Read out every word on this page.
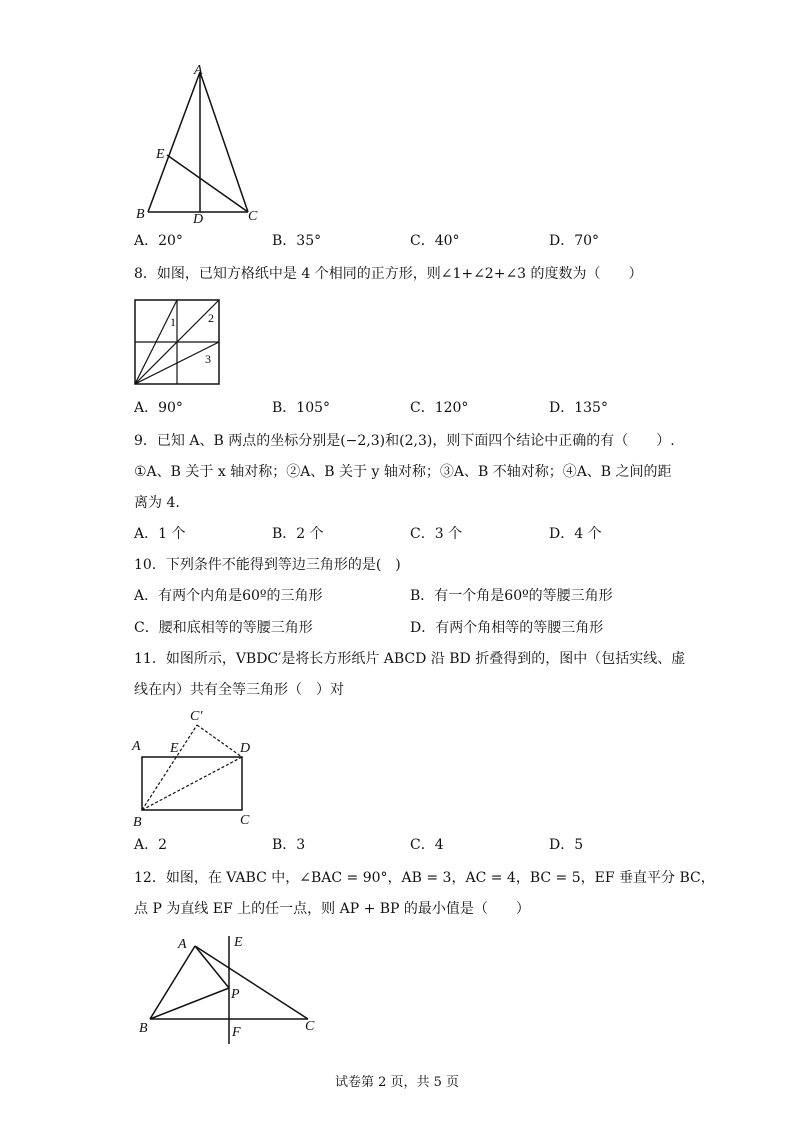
A
E
B	D	C
A．20°	B．35°	C．40°	D．70°
8．如图，已知方格纸中是 4 个相同的正方形，则∠1+∠2+∠3 的度数为（　　）
1	2
3
A．90°	B．105°	C．120°	D．135°
9．已知 A、B 两点的坐标分别是(−2,3)和(2,3)，则下面四个结论中正确的有（　　）.
①A、B 关于 x 轴对称；②A、B 关于 y 轴对称；③A、B 不轴对称；④A、B 之间的距
离为 4.
A．1 个	B．2 个	C．3 个	D．4 个
10．下列条件不能得到等边三角形的是(　)
A．有两个内角是60º的三角形	B．有一个角是60º的等腰三角形
C．腰和底相等的等腰三角形	D．有两个角相等的等腰三角形
11．如图所示，VBDC′是将长方形纸片 ABCD 沿 BD 折叠得到的，图中（包括实线、虚
线在内）共有全等三角形（　）对
C′
A E	D
B	C
A．2	B．3	C．4	D．5
12．如图，在 VABC 中，∠BAC = 90°，AB = 3，AC = 4，BC = 5，EF 垂直平分 BC，
点 P 为直线 EF 上的任一点，则 AP + BP 的最小值是（　　）
A	E
P
B	F	C
试卷第 2 页，共 5 页
